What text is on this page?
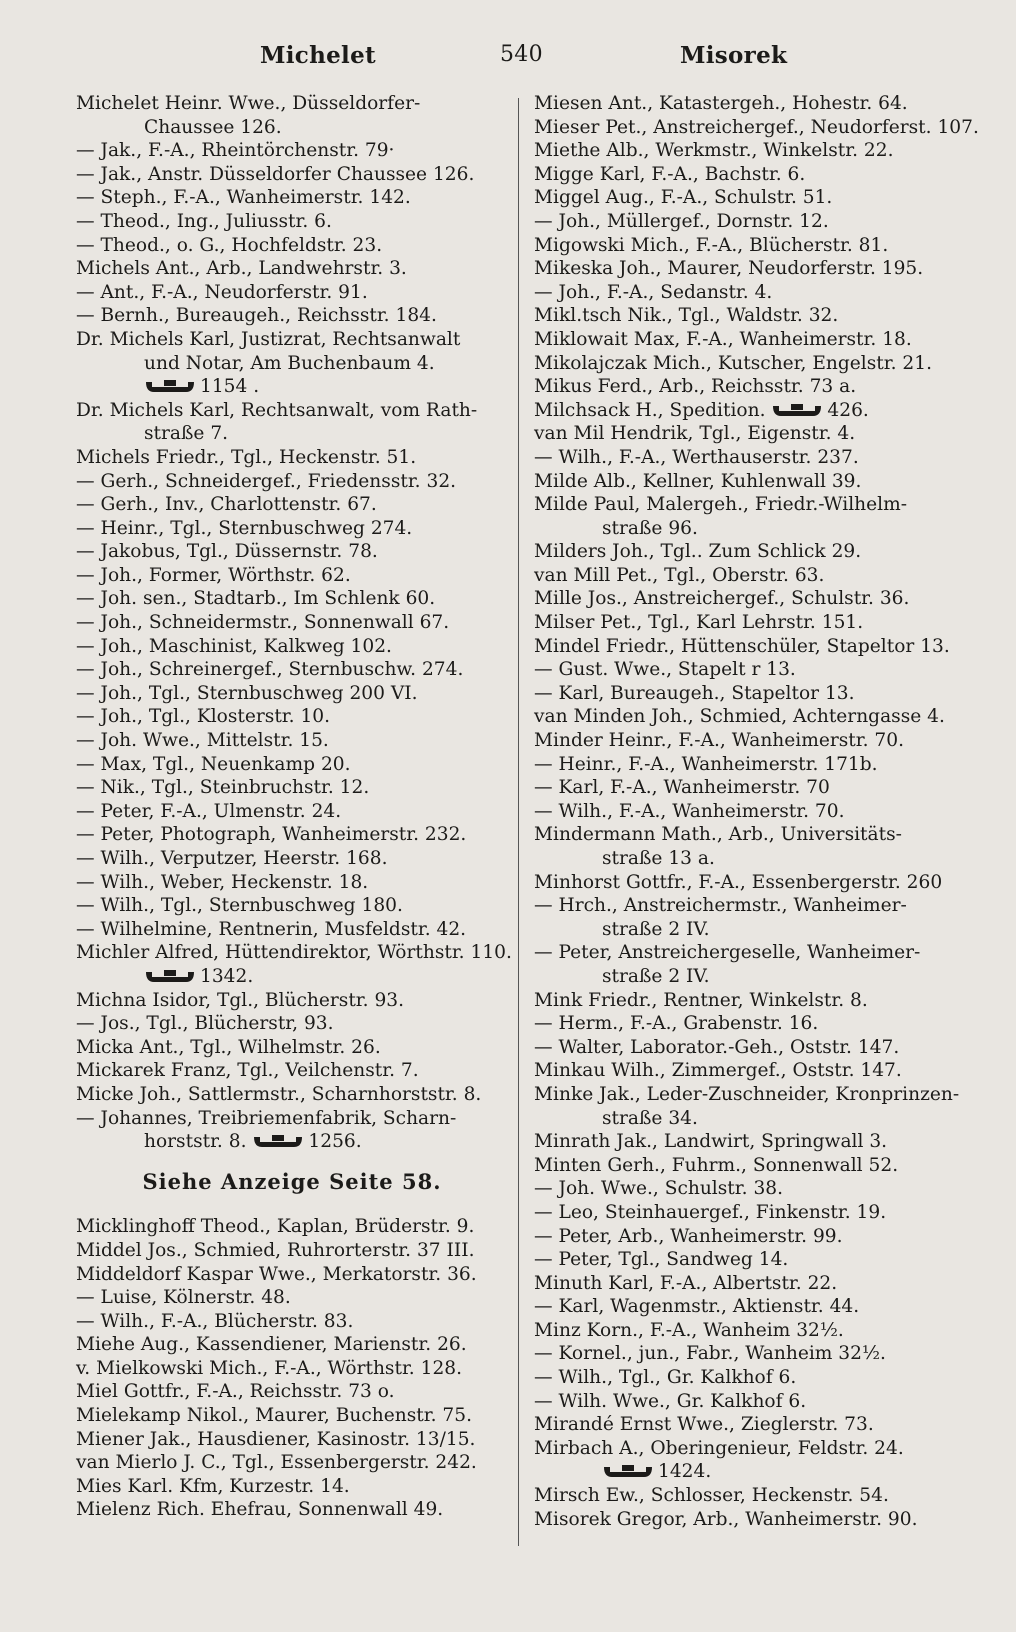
Michelet	540	Misorek
Michelet Heinr. Wwe., Düsseldorfer-
Chaussee 126.
— Jak., F.-A., Rheintörchenstr. 79·
— Jak., Anstr. Düsseldorfer Chaussee 126.
— Steph., F.-A., Wanheimerstr. 142.
— Theod., Ing., Juliusstr. 6.
— Theod., o. G., Hochfeldstr. 23.
Michels Ant., Arb., Landwehrstr. 3.
— Ant., F.-A., Neudorferstr. 91.
— Bernh., Bureaugeh., Reichsstr. 184.
Dr. Michels Karl, Justizrat, Rechtsanwalt
und Notar, Am Buchenbaum 4.
1154 .
Dr. Michels Karl, Rechtsanwalt, vom Rath-
straße 7.
Michels Friedr., Tgl., Heckenstr. 51.
— Gerh., Schneidergef., Friedensstr. 32.
— Gerh., Inv., Charlottenstr. 67.
— Heinr., Tgl., Sternbuschweg 274.
— Jakobus, Tgl., Düssernstr. 78.
— Joh., Former, Wörthstr. 62.
— Joh. sen., Stadtarb., Im Schlenk 60.
— Joh., Schneidermstr., Sonnenwall 67.
— Joh., Maschinist, Kalkweg 102.
— Joh., Schreinergef., Sternbuschw. 274.
— Joh., Tgl., Sternbuschweg 200 VI.
— Joh., Tgl., Klosterstr. 10.
— Joh. Wwe., Mittelstr. 15.
— Max, Tgl., Neuenkamp 20.
— Nik., Tgl., Steinbruchstr. 12.
— Peter, F.-A., Ulmenstr. 24.
— Peter, Photograph, Wanheimerstr. 232.
— Wilh., Verputzer, Heerstr. 168.
— Wilh., Weber, Heckenstr. 18.
— Wilh., Tgl., Sternbuschweg 180.
— Wilhelmine, Rentnerin, Musfeldstr. 42.
Michler Alfred, Hüttendirektor, Wörthstr. 110.
1342.
Michna Isidor, Tgl., Blücherstr. 93.
— Jos., Tgl., Blücherstr, 93.
Micka Ant., Tgl., Wilhelmstr. 26.
Mickarek Franz, Tgl., Veilchenstr. 7.
Micke Joh., Sattlermstr., Scharnhorststr. 8.
— Johannes, Treibriemenfabrik, Scharn-
horststr. 8.	1256.
Siehe Anzeige Seite 58.
Micklinghoff Theod., Kaplan, Brüderstr. 9.
Middel Jos., Schmied, Ruhrorterstr. 37 III.
Middeldorf Kaspar Wwe., Merkatorstr. 36.
— Luise, Kölnerstr. 48.
— Wilh., F.-A., Blücherstr. 83.
Miehe Aug., Kassendiener, Marienstr. 26.
v. Mielkowski Mich., F.-A., Wörthstr. 128.
Miel Gottfr., F.-A., Reichsstr. 73 o.
Mielekamp Nikol., Maurer, Buchenstr. 75.
Miener Jak., Hausdiener, Kasinostr. 13/15.
van Mierlo J. C., Tgl., Essenbergerstr. 242.
Mies Karl. Kfm, Kurzestr. 14.
Mielenz Rich. Ehefrau, Sonnenwall 49.
Miesen Ant., Katastergeh., Hohestr. 64.
Mieser Pet., Anstreichergef., Neudorferst. 107.
Miethe Alb., Werkmstr., Winkelstr. 22.
Migge Karl, F.-A., Bachstr. 6.
Miggel Aug., F.-A., Schulstr. 51.
— Joh., Müllergef., Dornstr. 12.
Migowski Mich., F.-A., Blücherstr. 81.
Mikeska Joh., Maurer, Neudorferstr. 195.
— Joh., F.-A., Sedanstr. 4.
Mikl.tsch Nik., Tgl., Waldstr. 32.
Miklowait Max, F.-A., Wanheimerstr. 18.
Mikolajczak Mich., Kutscher, Engelstr. 21.
Mikus Ferd., Arb., Reichsstr. 73 a.
Milchsack H., Spedition.	426.
van Mil Hendrik, Tgl., Eigenstr. 4.
— Wilh., F.-A., Werthauserstr. 237.
Milde Alb., Kellner, Kuhlenwall 39.
Milde Paul, Malergeh., Friedr.-Wilhelm-
straße 96.
Milders Joh., Tgl.. Zum Schlick 29.
van Mill Pet., Tgl., Oberstr. 63.
Mille Jos., Anstreichergef., Schulstr. 36.
Milser Pet., Tgl., Karl Lehrstr. 151.
Mindel Friedr., Hüttenschüler, Stapeltor 13.
— Gust. Wwe., Stapelt r 13.
— Karl, Bureaugeh., Stapeltor 13.
van Minden Joh., Schmied, Achterngasse 4.
Minder Heinr., F.-A., Wanheimerstr. 70.
— Heinr., F.-A., Wanheimerstr. 171b.
— Karl, F.-A., Wanheimerstr. 70
— Wilh., F.-A., Wanheimerstr. 70.
Mindermann Math., Arb., Universitäts-
straße 13 a.
Minhorst Gottfr., F.-A., Essenbergerstr. 260
— Hrch., Anstreichermstr., Wanheimer-
straße 2 IV.
— Peter, Anstreichergeselle, Wanheimer-
straße 2 IV.
Mink Friedr., Rentner, Winkelstr. 8.
— Herm., F.-A., Grabenstr. 16.
— Walter, Laborator.-Geh., Oststr. 147.
Minkau Wilh., Zimmergef., Oststr. 147.
Minke Jak., Leder-Zuschneider, Kronprinzen-
straße 34.
Minrath Jak., Landwirt, Springwall 3.
Minten Gerh., Fuhrm., Sonnenwall 52.
— Joh. Wwe., Schulstr. 38.
— Leo, Steinhauergef., Finkenstr. 19.
— Peter, Arb., Wanheimerstr. 99.
— Peter, Tgl., Sandweg 14.
Minuth Karl, F.-A., Albertstr. 22.
— Karl, Wagenmstr., Aktienstr. 44.
Minz Korn., F.-A., Wanheim 32½.
— Kornel., jun., Fabr., Wanheim 32½.
— Wilh., Tgl., Gr. Kalkhof 6.
— Wilh. Wwe., Gr. Kalkhof 6.
Mirandé Ernst Wwe., Zieglerstr. 73.
Mirbach A., Oberingenieur, Feldstr. 24.
1424.
Mirsch Ew., Schlosser, Heckenstr. 54.
Misorek Gregor, Arb., Wanheimerstr. 90.
